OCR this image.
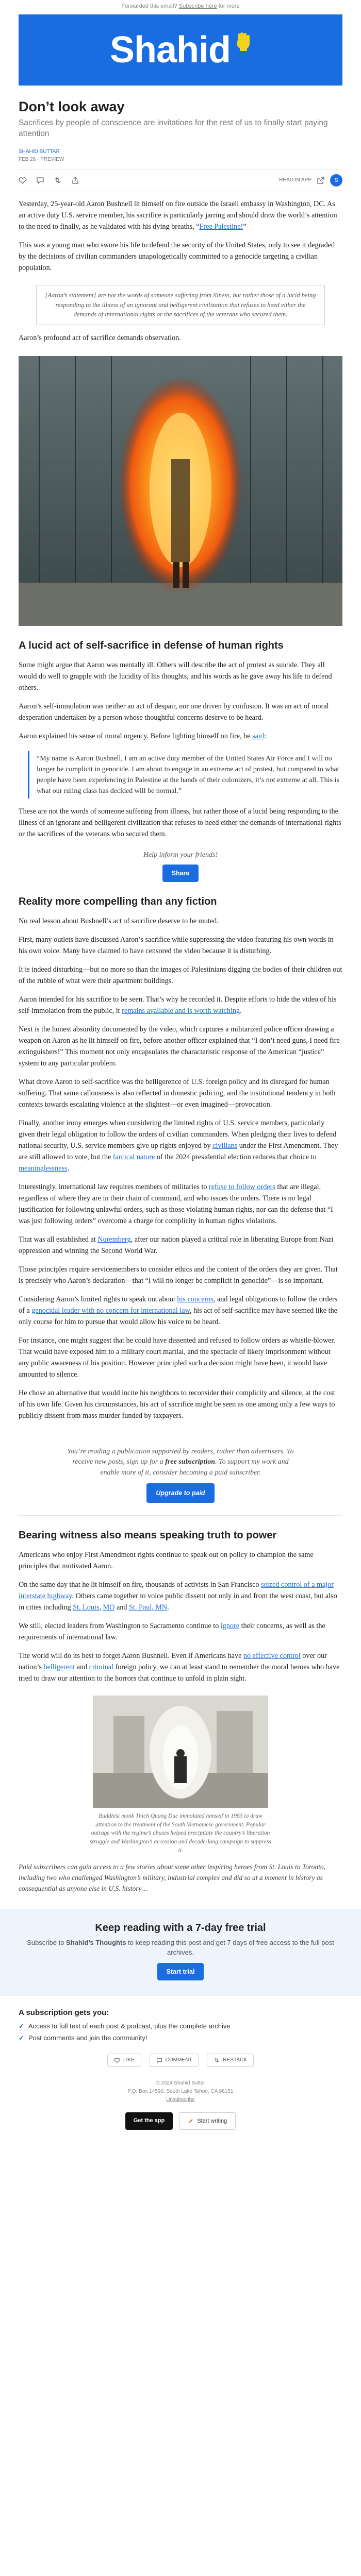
Forwarded this email? Subscribe here for more
Shahid
Don’t look away
Sacrifices by people of conscience are invitations for the rest of us to finally start paying attention
SHAHID BUTTAR
FEB 26 · PREVIEW
READ IN APP	S

Yesterday, 25-year-old Aaron Bushnell lit himself on fire outside the Israeli embassy in Washington, DC. As an active duty U.S. service member, his sacrifice is particularly jarring and should draw the world’s attention to the need to finally, as he validated with his dying breaths, “Free Palestine!”

This was a young man who swore his life to defend the security of the United States, only to see it degraded by the decisions of civilian commanders unapologetically committed to a genocide targeting a civilian population.

[Aaron’s statement] are not the words of someone suffering from illness, but rather those of a lucid being responding to the illness of an ignorant and belligerent civilization that refuses to heed either the demands of international rights or the sacrifices of the veterans who secured them.

Aaron’s profound act of sacrifice demands observation.

A lucid act of self-sacrifice in defense of human rights

Some might argue that Aaron was mentally ill. Others will describe the act of protest as suicide. They all would do well to grapple with the lucidity of his thoughts, and his words as he gave away his life to defend others.

Aaron’s self-immolation was neither an act of despair, nor one driven by confusion. It was an act of moral desperation undertaken by a person whose thoughtful concerns deserve to be heard.

Aaron explained his sense of moral urgency. Before lighting himself on fire, he said:

“My name is Aaron Bushnell, I am an active duty member of the United States Air Force and I will no longer be complicit in genocide. I am about to engage in an extreme act of protest, but compared to what people have been experiencing in Palestine at the hands of their colonizers, it’s not extreme at all. This is what our ruling class has decided will be normal.”

These are not the words of someone suffering from illness, but rather those of a lucid being responding to the illness of an ignorant and belligerent civilization that refuses to heed either the demands of international rights or the sacrifices of the veterans who secured them.

Help inform your friends!
Share
Reality more compelling than any fiction

No real lesson about Bushnell’s act of sacrifice deserve to be muted.

First, many outlets have discussed Aaron’s sacrifice while suppressing the video featuring his own words in his own voice. Many have claimed to have censored the video because it is disturbing.

It is indeed disturbing—but no more so than the images of Palestinians digging the bodies of their children out of the rubble of what were their apartment buildings.

Aaron intended for his sacrifice to be seen. That’s why he recorded it. Despite efforts to hide the video of his self-immolation from the public, it remains available and is worth watching.

Next is the honest absurdity documented by the video, which captures a militarized police officer drawing a weapon on Aaron as he lit himself on fire, before another officer explained that “I don’t need guns, I need fire extinguishers!” This moment not only encapsulates the characteristic response of the American “justice” system to any particular problem.

What drove Aaron to self-sacrifice was the belligerence of U.S. foreign policy and its disregard for human suffering. That same callousness is also reflected in domestic policing, and the institutional tendency in both contexts towards escalating violence at the slightest—or even imagined—provocation.

Finally, another irony emerges when considering the limited rights of U.S. service members, particularly given their legal obligation to follow the orders of civilian commanders. When pledging their lives to defend national security, U.S. service members give up rights enjoyed by civilians under the First Amendment. They are still allowed to vote, but the farcical nature of the 2024 presidential election reduces that choice to meaninglessness.

Interestingly, international law requires members of militaries to refuse to follow orders that are illegal, regardless of where they are in their chain of command, and who issues the orders. There is no legal justification for following unlawful orders, such as those violating human rights, nor can the defense that “I was just following orders” overcome a charge for complicity in human rights violations.

That was all established at Nuremberg, after our nation played a critical role in liberating Europe from Nazi oppression and winning the Second World War.

Those principles require servicemembers to consider ethics and the content of the orders they are given. That is precisely who Aaron’s declaration—that “I will no longer be complicit in genocide”—is so important.

Considering Aaron’s limited rights to speak out about his concerns, and legal obligations to follow the orders of a genocidal leader with no concern for international law, his act of self-sacrifice may have seemed like the only course for him to pursue that would allow his voice to be heard.

For instance, one might suggest that he could have dissented and refused to follow orders as whistle-blower. That would have exposed him to a military court martial, and the spectacle of likely imprisonment without any public awareness of his position. However principled such a decision might have been, it would have amounted to silence.

He chose an alternative that would incite his neighbors to reconsider their complicity and silence, at the cost of his own life. Given his circumstances, his act of sacrifice might be seen as one among only a few ways to publicly dissent from mass murder funded by taxpayers.

You’re reading a publication supported by readers, rather than advertisers. To receive new posts, sign up for a free subscription. To support my work and enable more of it, consider becoming a paid subscriber.
Upgrade to paid
Bearing witness also means speaking truth to power

Americans who enjoy First Amendment rights continue to speak out on policy to champion the same principles that motivated Aaron.

On the same day that he lit himself on fire, thousands of activists in San Francisco seized control of a major interstate highway. Others came together to voice public dissent not only in and from the west coast, but also in cities including St. Louis, MO and St. Paul, MN.

We still, elected leaders from Washington to Sacramento continue to ignore their concerns, as well as the requirements of international law.

The world will do its best to forget Aaron Bushnell. Even if Americans have no effective control over our nation’s belligerent and criminal foreign policy, we can at least stand to remember the moral heroes who have tried to draw our attention to the horrors that continue to unfold in plain sight.

Buddhist monk Thich Quang Duc immolated himself in 1963 to draw attention to the treatment of the South Vietnamese government. Popular outrage with the regime’s abuses helped precipitate the country’s liberation struggle and Washington’s accession and decade-long campaign to suppress it.

Paid subscribers can gain access to a few stories about some other inspiring heroes from St. Louis to Toronto, including two who challenged Washington’s military, industrial complex and did so at a moment in history as consequential as anyone else in U.S. history…

Keep reading with a 7-day free trial

Subscribe to Shahid’s Thoughts to keep reading this post and get 7 days of free access to the full post archives.

Start trial
A subscription gets you:
✓ Access to full text of each post & podcast, plus the complete archive
✓ Post comments and join the community!
LIKE	COMMENT	RESTACK
© 2024 Shahid Buttar
P.O. Box 14590, South Lake Tahoe, CA 96151
Unsubscribe
Get the app	Start writing
